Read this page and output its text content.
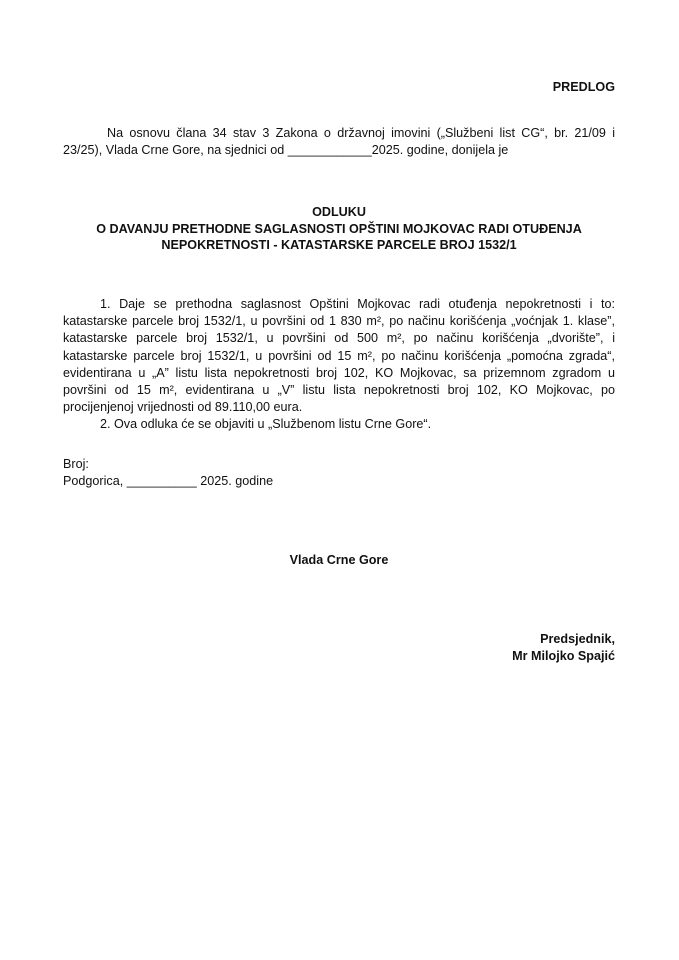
PREDLOG

Na osnovu člana 34 stav 3 Zakona o državnoj imovini („Službeni list CG“, br. 21/09 i 23/25), Vlada Crne Gore, na sjednici od ____________2025. godine, donijela je

ODLUKU
O DAVANJU PRETHODNE SAGLASNOSTI OPŠTINI MOJKOVAC RADI OTUĐENJA
NEPOKRETNOSTI - KATASTARSKE PARCELE BROJ 1532/1

1. Daje se prethodna saglasnost Opštini Mojkovac radi otuđenja nepokretnosti i to: katastarske parcele broj 1532/1, u površini od 1 830 m², po načinu korišćenja „voćnjak 1. klase”, katastarske parcele broj 1532/1, u površini od 500 m², po načinu korišćenja „dvorište”, i katastarske parcele broj 1532/1, u površini od 15 m², po načinu korišćenja „pomoćna zgrada“, evidentirana u „A” listu lista nepokretnosti broj 102, KO Mojkovac, sa prizemnom zgradom u površini od 15 m², evidentirana u „V” listu lista nepokretnosti broj 102, KO Mojkovac, po procijenjenoj vrijednosti od 89.110,00 eura.

2. Ova odluka će se objaviti u „Službenom listu Crne Gore“.

Broj:
Podgorica, __________ 2025. godine
Vlada Crne Gore
Predsjednik,
Mr Milojko Spajić
